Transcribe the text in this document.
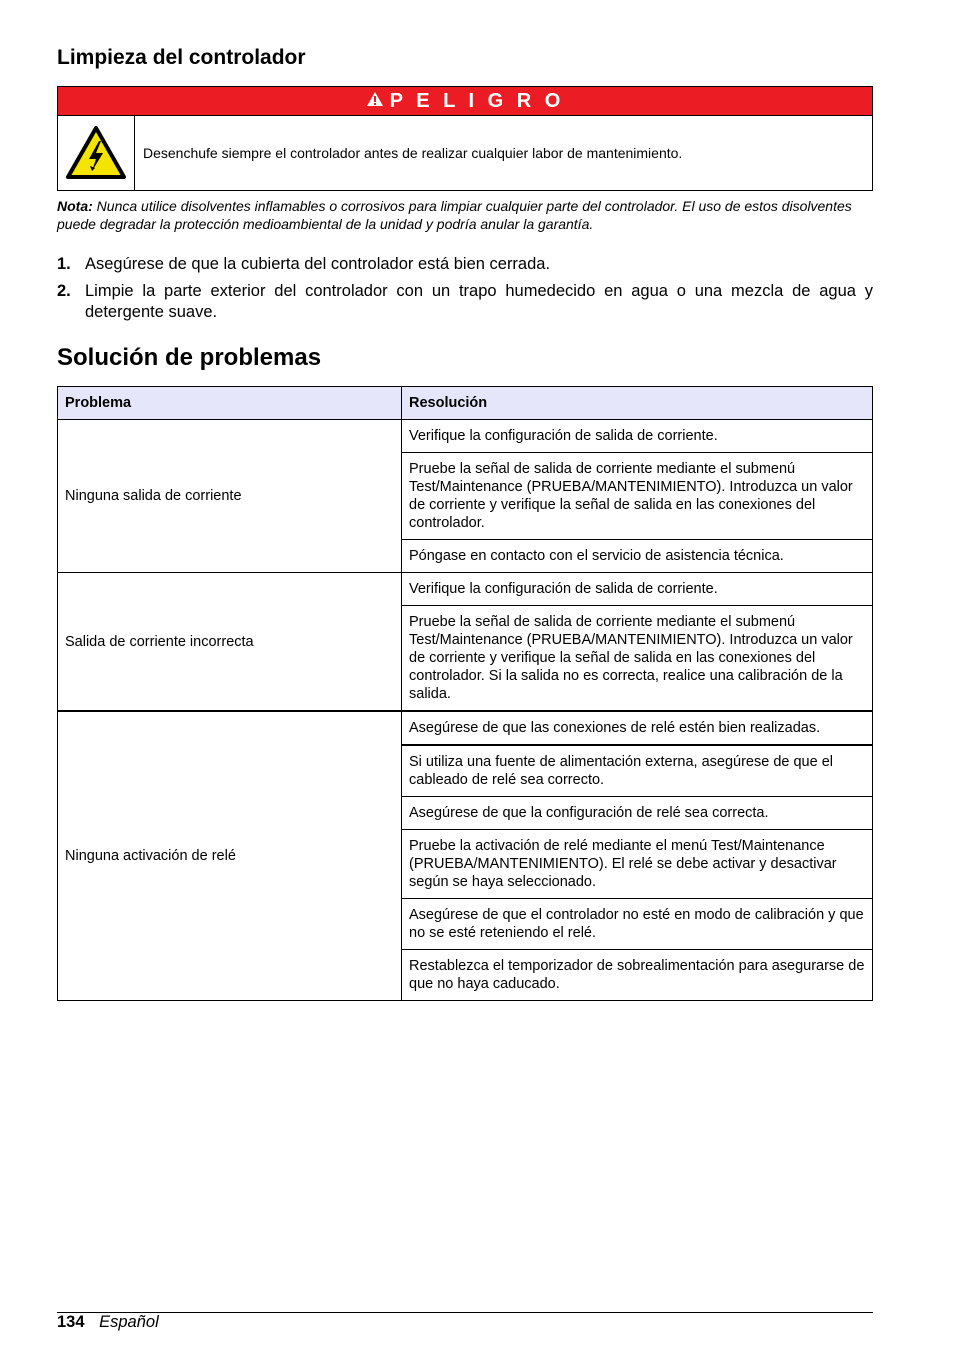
Limpieza del controlador
P E L I G R O
Desenchufe siempre el controlador antes de realizar cualquier labor de mantenimiento.
Nota: Nunca utilice disolventes inflamables o corrosivos para limpiar cualquier parte del controlador. El uso de estos disolventes puede degradar la protección medioambiental de la unidad y podría anular la garantía.
1. Asegúrese de que la cubierta del controlador está bien cerrada.
2. Limpie la parte exterior del controlador con un trapo humedecido en agua o una mezcla de agua y detergente suave.
Solución de problemas
Problema	Resolución
Ninguna salida de corriente	Verifique la configuración de salida de corriente.
	Pruebe la señal de salida de corriente mediante el submenú Test/Maintenance (PRUEBA/MANTENIMIENTO). Introduzca un valor de corriente y verifique la señal de salida en las conexiones del controlador.
	Póngase en contacto con el servicio de asistencia técnica.
Salida de corriente incorrecta	Verifique la configuración de salida de corriente.
	Pruebe la señal de salida de corriente mediante el submenú Test/Maintenance (PRUEBA/MANTENIMIENTO). Introduzca un valor de corriente y verifique la señal de salida en las conexiones del controlador. Si la salida no es correcta, realice una calibración de la salida.
Ninguna activación de relé	Asegúrese de que las conexiones de relé estén bien realizadas.
	Si utiliza una fuente de alimentación externa, asegúrese de que el cableado de relé sea correcto.
	Asegúrese de que la configuración de relé sea correcta.
	Pruebe la activación de relé mediante el menú Test/Maintenance (PRUEBA/MANTENIMIENTO). El relé se debe activar y desactivar según se haya seleccionado.
	Asegúrese de que el controlador no esté en modo de calibración y que no se esté reteniendo el relé.
	Restablezca el temporizador de sobrealimentación para asegurarse de que no haya caducado.
134 Español
